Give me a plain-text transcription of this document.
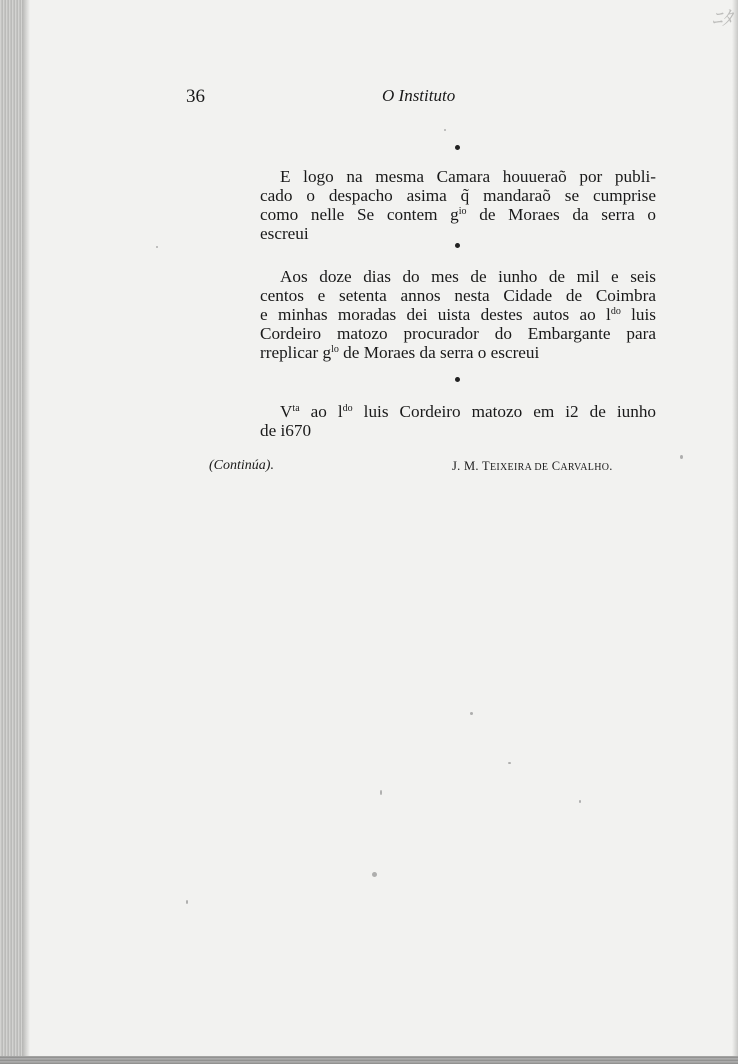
ﾆﾀ
36	O Instituto
E logo na mesma Camara houueraõ por publi-
cado o despacho asima q̃ mandaraõ se cumprise
como nelle Se contem $g^{io}$ de Moraes da serra o
escreui
Aos doze dias do mes de iunho de mil e seis
centos e setenta annos nesta Cidade de Coimbra
e minhas moradas dei uista destes autos ao $l^{do}$ luis
Cordeiro matozo procurador do Embargante para
rreplicar $g^{lo}$ de Moraes da serra o escreui
$V^{ta}$ ao $l^{do}$ luis Cordeiro matozo em i2 de iunho
de i670
(Continúa).	J. M. TEIXEIRA DE CARVALHO.
